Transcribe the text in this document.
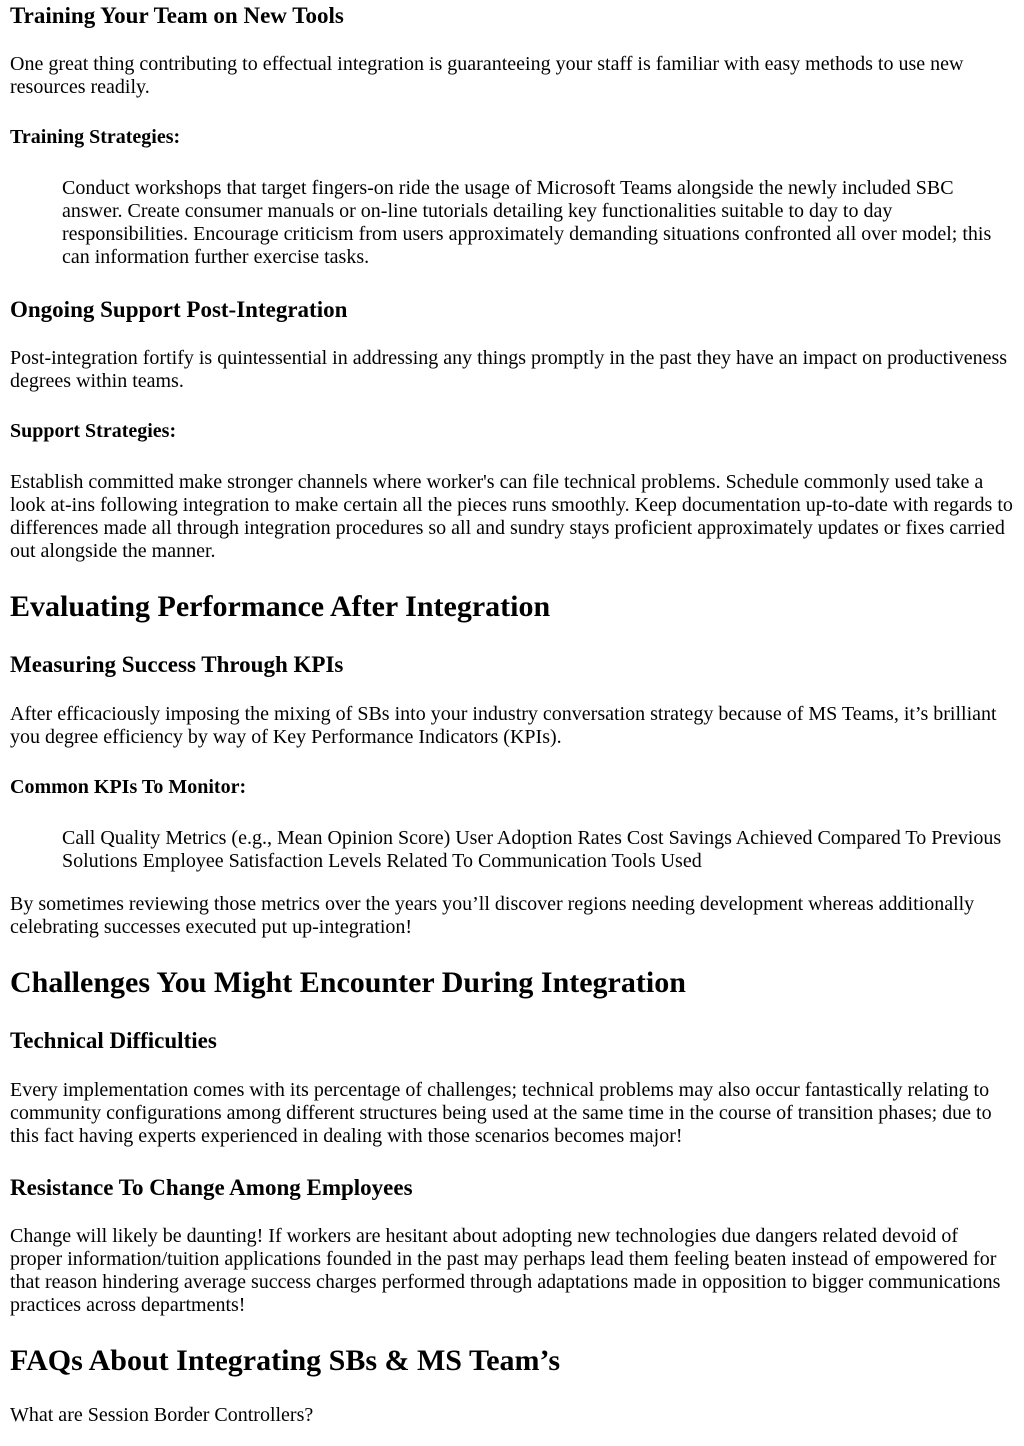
Training Your Team on New Tools

One great thing contributing to effectual integration is guaranteeing your staff is familiar with easy methods to use new resources readily.

Training Strategies:

Conduct workshops that target fingers-on ride the usage of Microsoft Teams alongside the newly included SBC answer. Create consumer manuals or on-line tutorials detailing key functionalities suitable to day to day responsibilities. Encourage criticism from users approximately demanding situations confronted all over model; this can information further exercise tasks.

Ongoing Support Post-Integration

Post-integration fortify is quintessential in addressing any things promptly in the past they have an impact on productiveness degrees within teams.

Support Strategies:

Establish committed make stronger channels where worker's can file technical problems. Schedule commonly used take a look at-ins following integration to make certain all the pieces runs smoothly. Keep documentation up-to-date with regards to differences made all through integration procedures so all and sundry stays proficient approximately updates or fixes carried out alongside the manner.

Evaluating Performance After Integration
Measuring Success Through KPIs

After efficaciously imposing the mixing of SBs into your industry conversation strategy because of MS Teams, it’s brilliant you degree efficiency by way of Key Performance Indicators (KPIs).

Common KPIs To Monitor:

Call Quality Metrics (e.g., Mean Opinion Score) User Adoption Rates Cost Savings Achieved Compared To Previous Solutions Employee Satisfaction Levels Related To Communication Tools Used

By sometimes reviewing those metrics over the years you’ll discover regions needing development whereas additionally celebrating successes executed put up-integration!

Challenges You Might Encounter During Integration
Technical Difficulties

Every implementation comes with its percentage of challenges; technical problems may also occur fantastically relating to community configurations among different structures being used at the same time in the course of transition phases; due to this fact having experts experienced in dealing with those scenarios becomes major!

Resistance To Change Among Employees

Change will likely be daunting! If workers are hesitant about adopting new technologies due dangers related devoid of proper information/tuition applications founded in the past may perhaps lead them feeling beaten instead of empowered for that reason hindering average success charges performed through adaptations made in opposition to bigger communications practices across departments!

FAQs About Integrating SBs & MS Team’s

What are Session Border Controllers?
